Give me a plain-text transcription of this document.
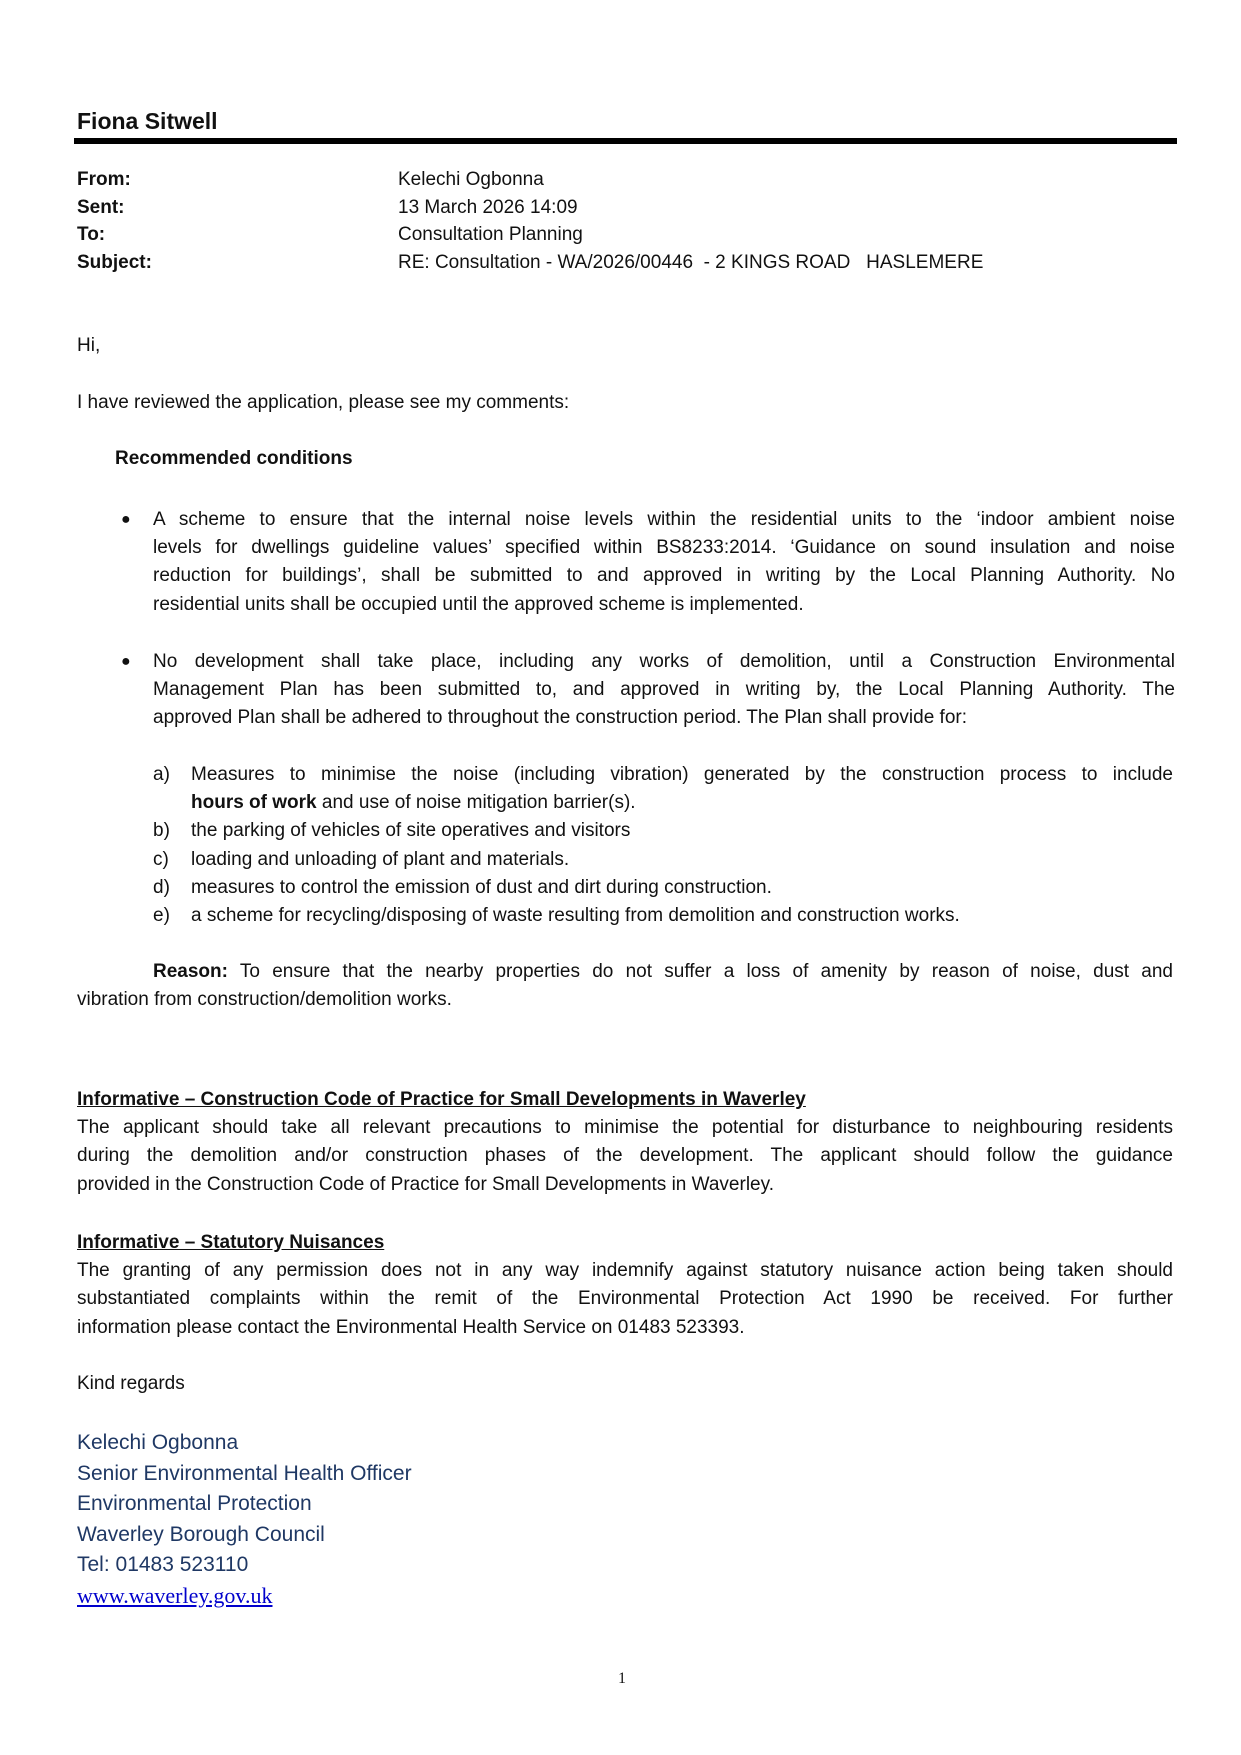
Fiona Sitwell
From:	Kelechi Ogbonna
Sent:	13 March 2026 14:09
To:	Consultation Planning
Subject:	RE: Consultation - WA/2026/00446  - 2 KINGS ROAD   HASLEMERE
Hi,
I have reviewed the application, please see my comments:
Recommended conditions
● A scheme to ensure that the internal noise levels within the residential units to the ‘indoor ambient noise
levels for dwellings guideline values’ specified within BS8233:2014. ‘Guidance on sound insulation and noise
reduction for buildings’, shall be submitted to and approved in writing by the Local Planning Authority. No
residential units shall be occupied until the approved scheme is implemented.
● No development shall take place, including any works of demolition, until a Construction Environmental
Management Plan has been submitted to, and approved in writing by, the Local Planning Authority. The
approved Plan shall be adhered to throughout the construction period. The Plan shall provide for:
a) Measures to minimise the noise (including vibration) generated by the construction process to include
hours of work and use of noise mitigation barrier(s).
b) the parking of vehicles of site operatives and visitors
c) loading and unloading of plant and materials.
d) measures to control the emission of dust and dirt during construction.
e) a scheme for recycling/disposing of waste resulting from demolition and construction works.
Reason: To ensure that the nearby properties do not suffer a loss of amenity by reason of noise, dust and
vibration from construction/demolition works.
Informative – Construction Code of Practice for Small Developments in Waverley
The applicant should take all relevant precautions to minimise the potential for disturbance to neighbouring residents
during the demolition and/or construction phases of the development. The applicant should follow the guidance
provided in the Construction Code of Practice for Small Developments in Waverley.
Informative – Statutory Nuisances
The granting of any permission does not in any way indemnify against statutory nuisance action being taken should
substantiated complaints within the remit of the Environmental Protection Act 1990 be received. For further
information please contact the Environmental Health Service on 01483 523393.
Kind regards
Kelechi Ogbonna
Senior Environmental Health Officer
Environmental Protection
Waverley Borough Council
Tel: 01483 523110
www.waverley.gov.uk
1
